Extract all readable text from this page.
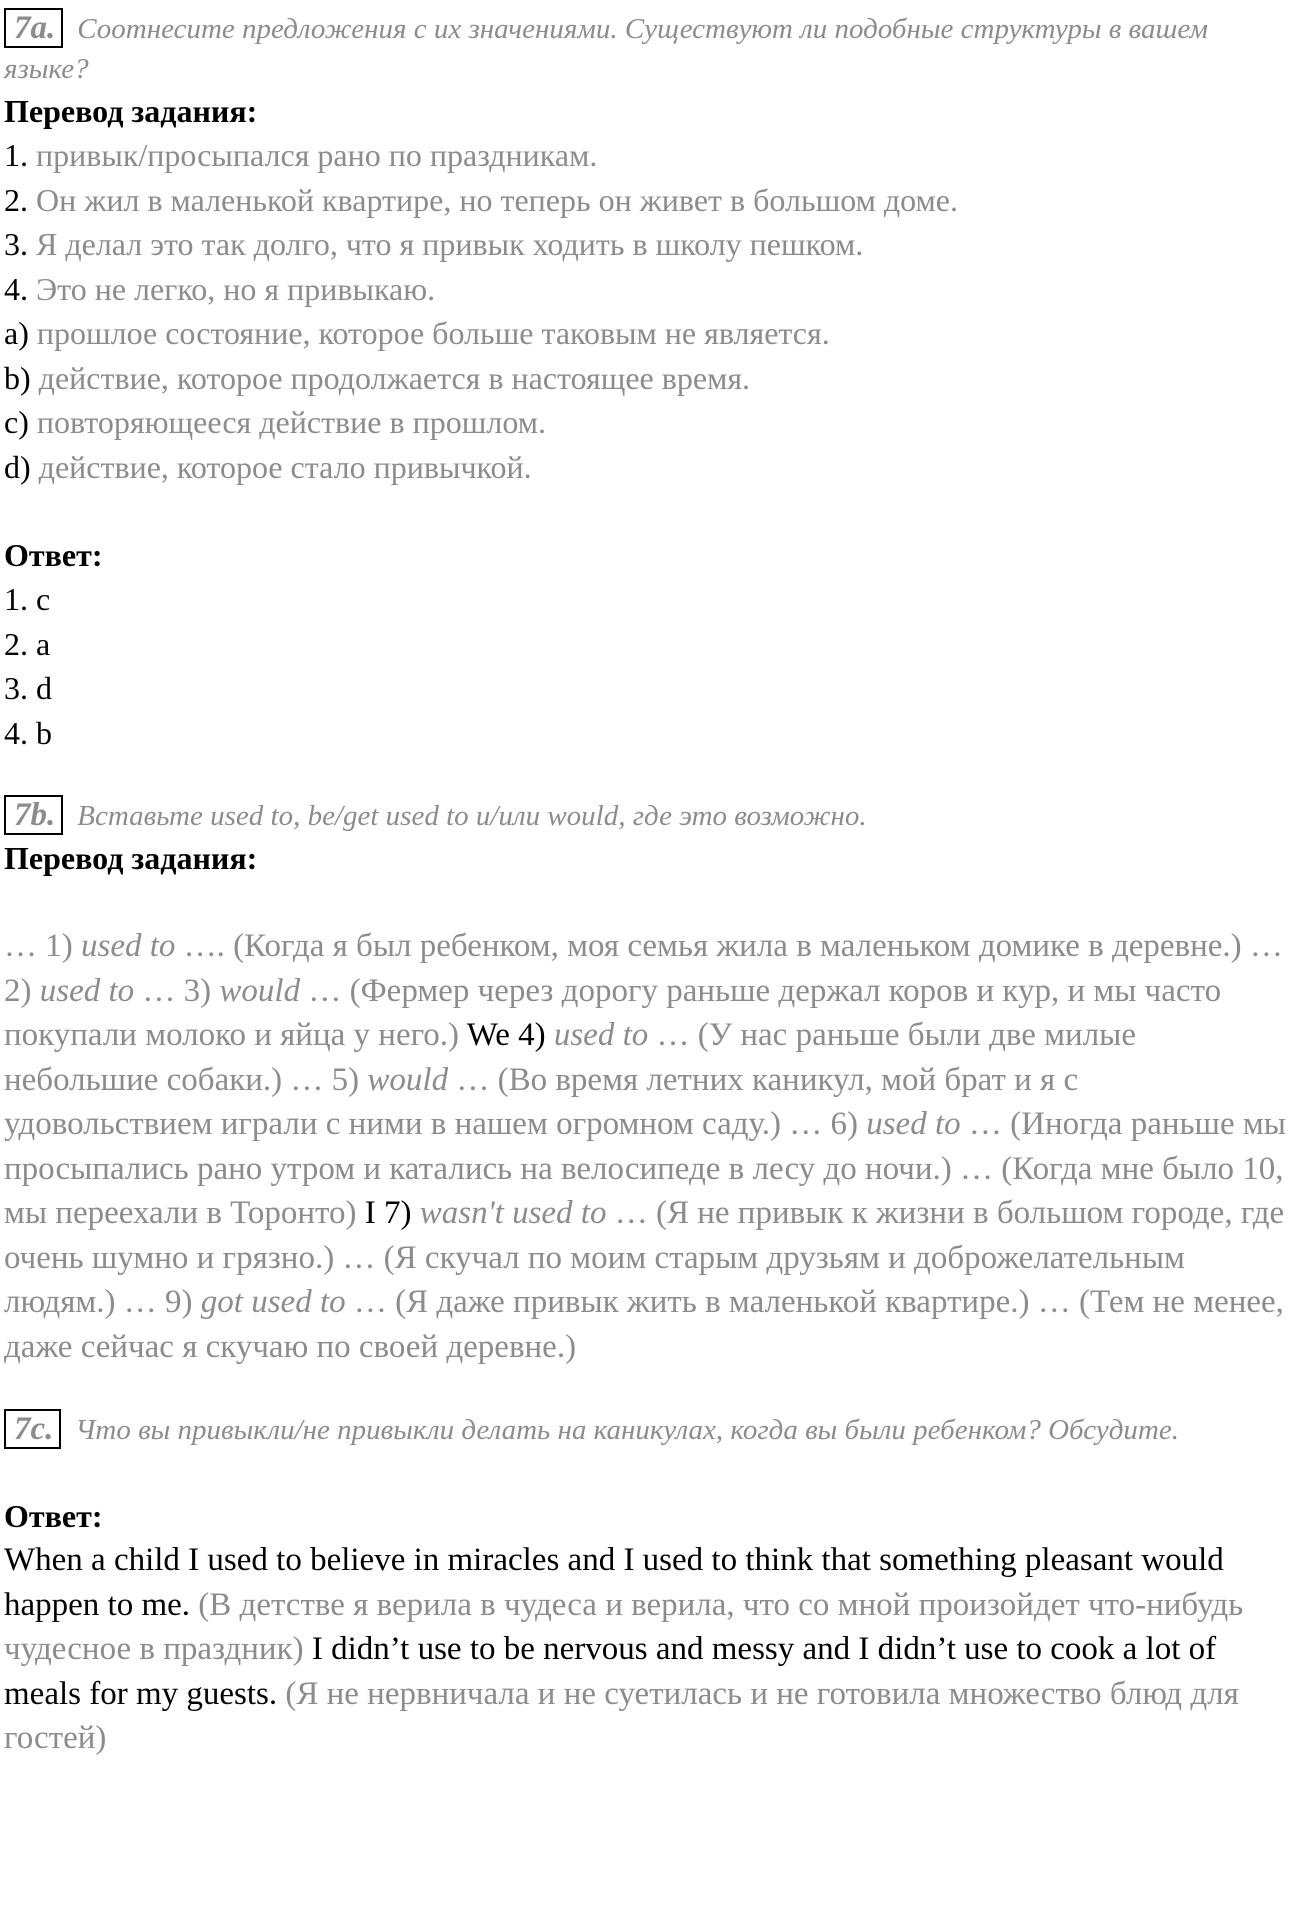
7a. Соотнесите предложения с их значениями. Существуют ли подобные структуры в вашем языке?

Перевод задания:

1. привык/просыпался рано по праздникам.

2. Он жил в маленькой квартире, но теперь он живет в большом доме.

3. Я делал это так долго, что я привык ходить в школу пешком.

4. Это не легко, но я привыкаю.

a) прошлое состояние, которое больше таковым не является.

b) действие, которое продолжается в настоящее время.

c) повторяющееся действие в прошлом.

d) действие, которое стало привычкой.

Ответ:

1. c

2. a

3. d

4. b

7b. Вставьте used to, be/get used to и/или would, где это возможно.

Перевод задания:

… 1) used to …. (Когда я был ребенком, моя семья жила в маленьком домике в деревне.) … 2) used to … 3) would … (Фермер через дорогу раньше держал коров и кур, и мы часто покупали молоко и яйца у него.) We 4) used to … (У нас раньше были две милые небольшие собаки.) … 5) would … (Во время летних каникул, мой брат и я с удовольствием играли с ними в нашем огромном саду.) … 6) used to … (Иногда раньше мы просыпались рано утром и катались на велосипеде в лесу до ночи.) … (Когда мне было 10, мы переехали в Торонто) I 7) wasn't used to … (Я не привык к жизни в большом городе, где очень шумно и грязно.) … (Я скучал по моим старым друзьям и доброжелательным людям.) … 9) got used to … (Я даже привык жить в маленькой квартире.) … (Тем не менее, даже сейчас я скучаю по своей деревне.)

7c. Что вы привыкли/не привыкли делать на каникулах, когда вы были ребенком? Обсудите.

Ответ:

When a child I used to believe in miracles and I used to think that something pleasant would happen to me. (В детстве я верила в чудеса и верила, что со мной произойдет что-нибудь чудесное в праздник) I didn’t use to be nervous and messy and I didn’t use to cook a lot of meals for my guests. (Я не нервничала и не суетилась и не готовила множество блюд для гостей)
